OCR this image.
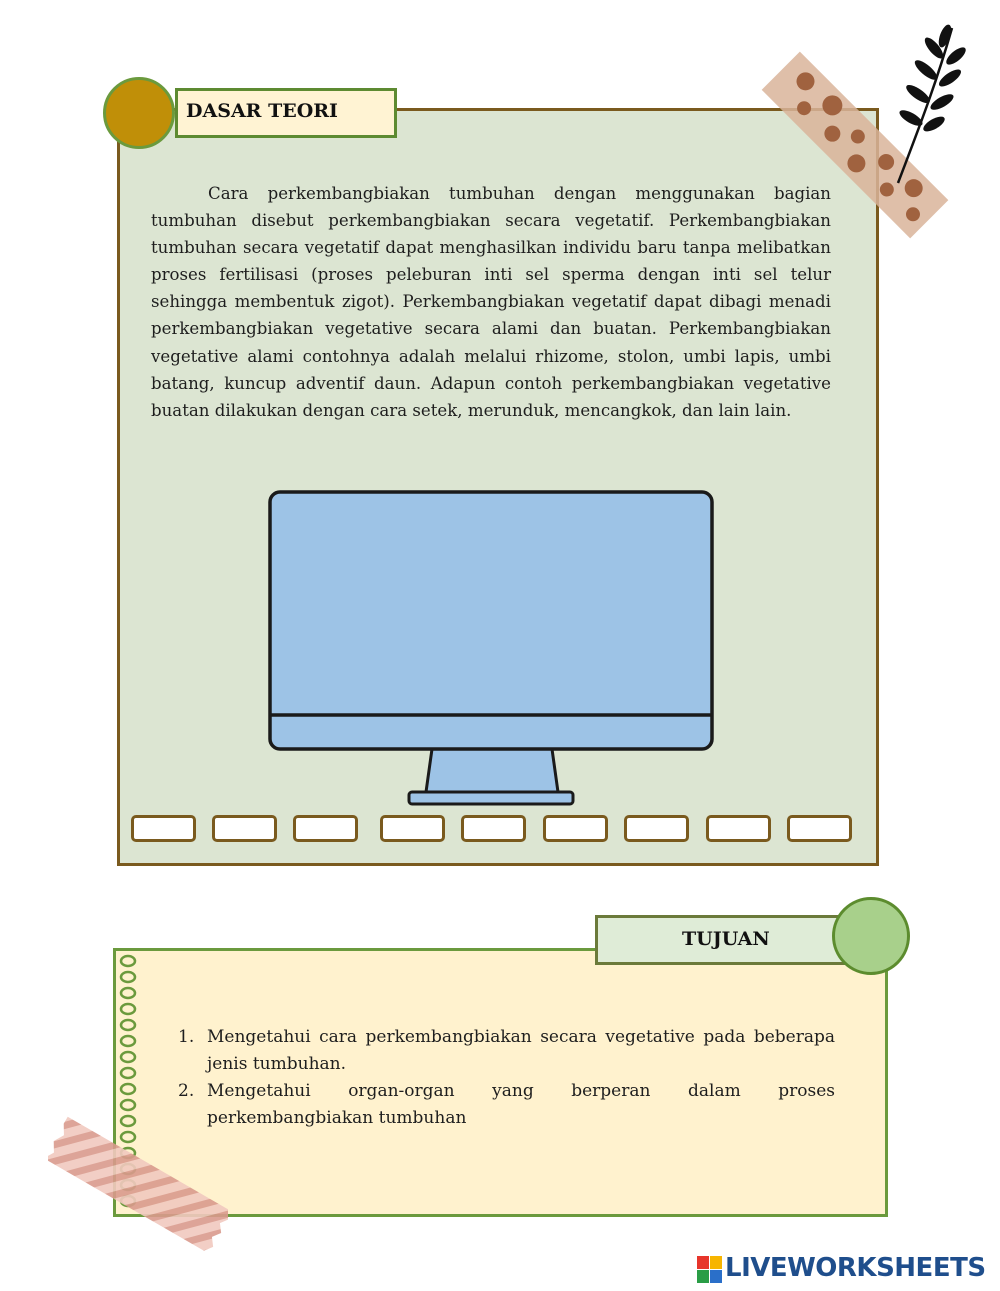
DASAR TEORI

Cara perkembangbiakan tumbuhan dengan menggunakan bagian tumbuhan disebut perkembangbiakan secara vegetatif. Perkembangbiakan tumbuhan secara vegetatif dapat menghasilkan individu baru tanpa melibatkan proses fertilisasi (proses peleburan inti sel sperma dengan inti sel telur sehingga membentuk zigot). Perkembangbiakan vegetatif dapat dibagi menadi perkembangbiakan vegetative secara alami dan buatan. Perkembangbiakan vegetative alami contohnya adalah melalui rhizome, stolon, umbi lapis, umbi batang, kuncup adventif daun. Adapun contoh perkembangbiakan vegetative buatan dilakukan dengan cara setek, merunduk, mencangkok, dan lain lain.

TUJUAN
1. Mengetahui cara perkembangbiakan secara vegetative pada beberapa jenis tumbuhan.
2. Mengetahui organ-organ yang berperan dalam proses perkembangbiakan tumbuhan
LIVEWORKSHEETS
